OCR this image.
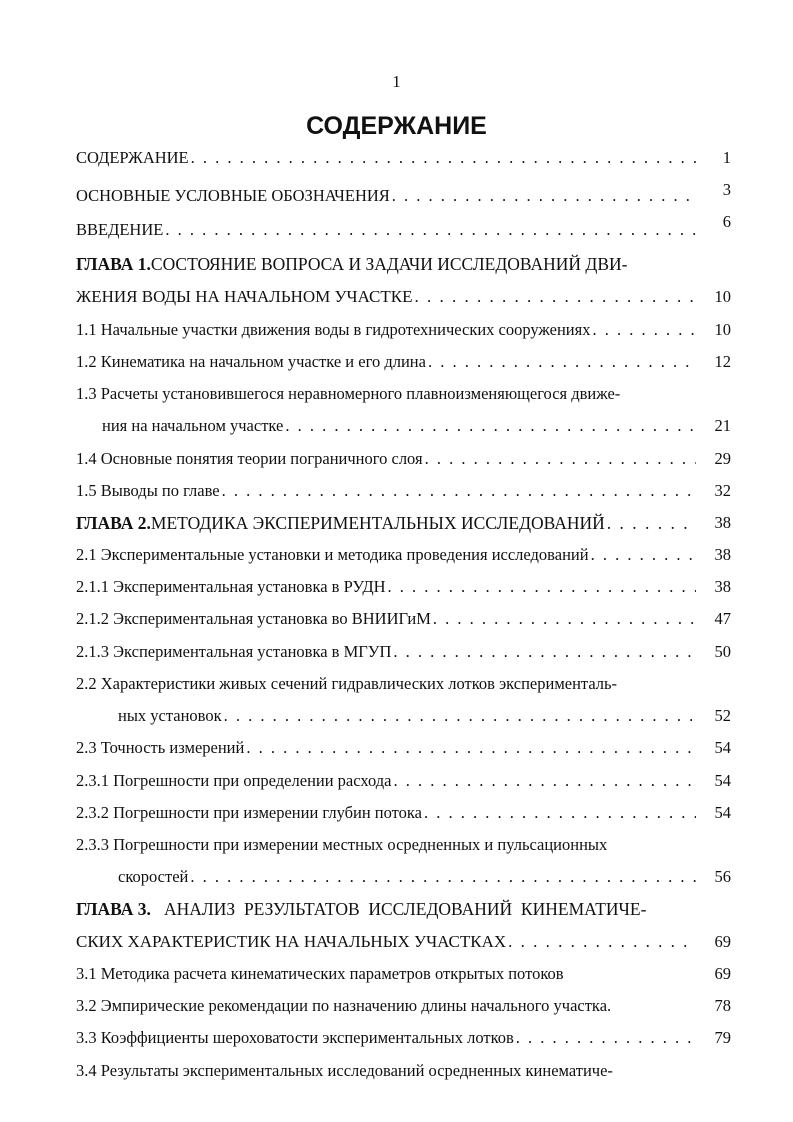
1
СОДЕРЖАНИЕ
СОДЕРЖАНИЕ . . .	1
ОСНОВНЫЕ УСЛОВНЫЕ ОБОЗНАЧЕНИЯ . . .	3
ВВЕДЕНИЕ . . .	6
ГЛАВА 1. СОСТОЯНИЕ ВОПРОСА И ЗАДАЧИ ИССЛЕДОВАНИЙ ДВИ-
ЖЕНИЯ ВОДЫ НА НАЧАЛЬНОМ УЧАСТКЕ . . .	10
1.1 Начальные участки движения воды в гидротехнических сооружениях . . .	10
1.2 Кинематика на начальном участке и его длина . . .	12
1.3 Расчеты установившегося неравномерного плавноизменяющегося движе-
ния на начальном участке . . .	21
1.4 Основные понятия теории пограничного слоя . . .	29
1.5 Выводы по главе . . .	32
ГЛАВА 2. МЕТОДИКА ЭКСПЕРИМЕНТАЛЬНЫХ ИССЛЕДОВАНИЙ . . .	38
2.1 Экспериментальные установки и методика проведения исследований . . .	38
2.1.1 Экспериментальная установка в РУДН . . .	38
2.1.2 Экспериментальная установка во ВНИИГиМ . . .	47
2.1.3 Экспериментальная установка в МГУП . . .	50
2.2 Характеристики живых сечений гидравлических лотков эксперименталь-
ных установок . . .	52
2.3 Точность измерений . . .	54
2.3.1 Погрешности при определении расхода . . .	54
2.3.2 Погрешности при измерении глубин потока . . .	54
2.3.3 Погрешности при измерении местных осредненных и пульсационных
скоростей . . .	56
ГЛАВА 3. АНАЛИЗ  РЕЗУЛЬТАТОВ  ИССЛЕДОВАНИЙ  КИНЕМАТИЧЕ-
СКИХ ХАРАКТЕРИСТИК НА НАЧАЛЬНЫХ УЧАСТКАХ . . .	69
3.1 Методика расчета кинематических параметров открытых потоков	69
3.2 Эмпирические рекомендации по назначению длины начального участка.	78
3.3 Коэффициенты шероховатости экспериментальных лотков . . .	79
3.4 Результаты экспериментальных исследований осредненных кинематиче-
